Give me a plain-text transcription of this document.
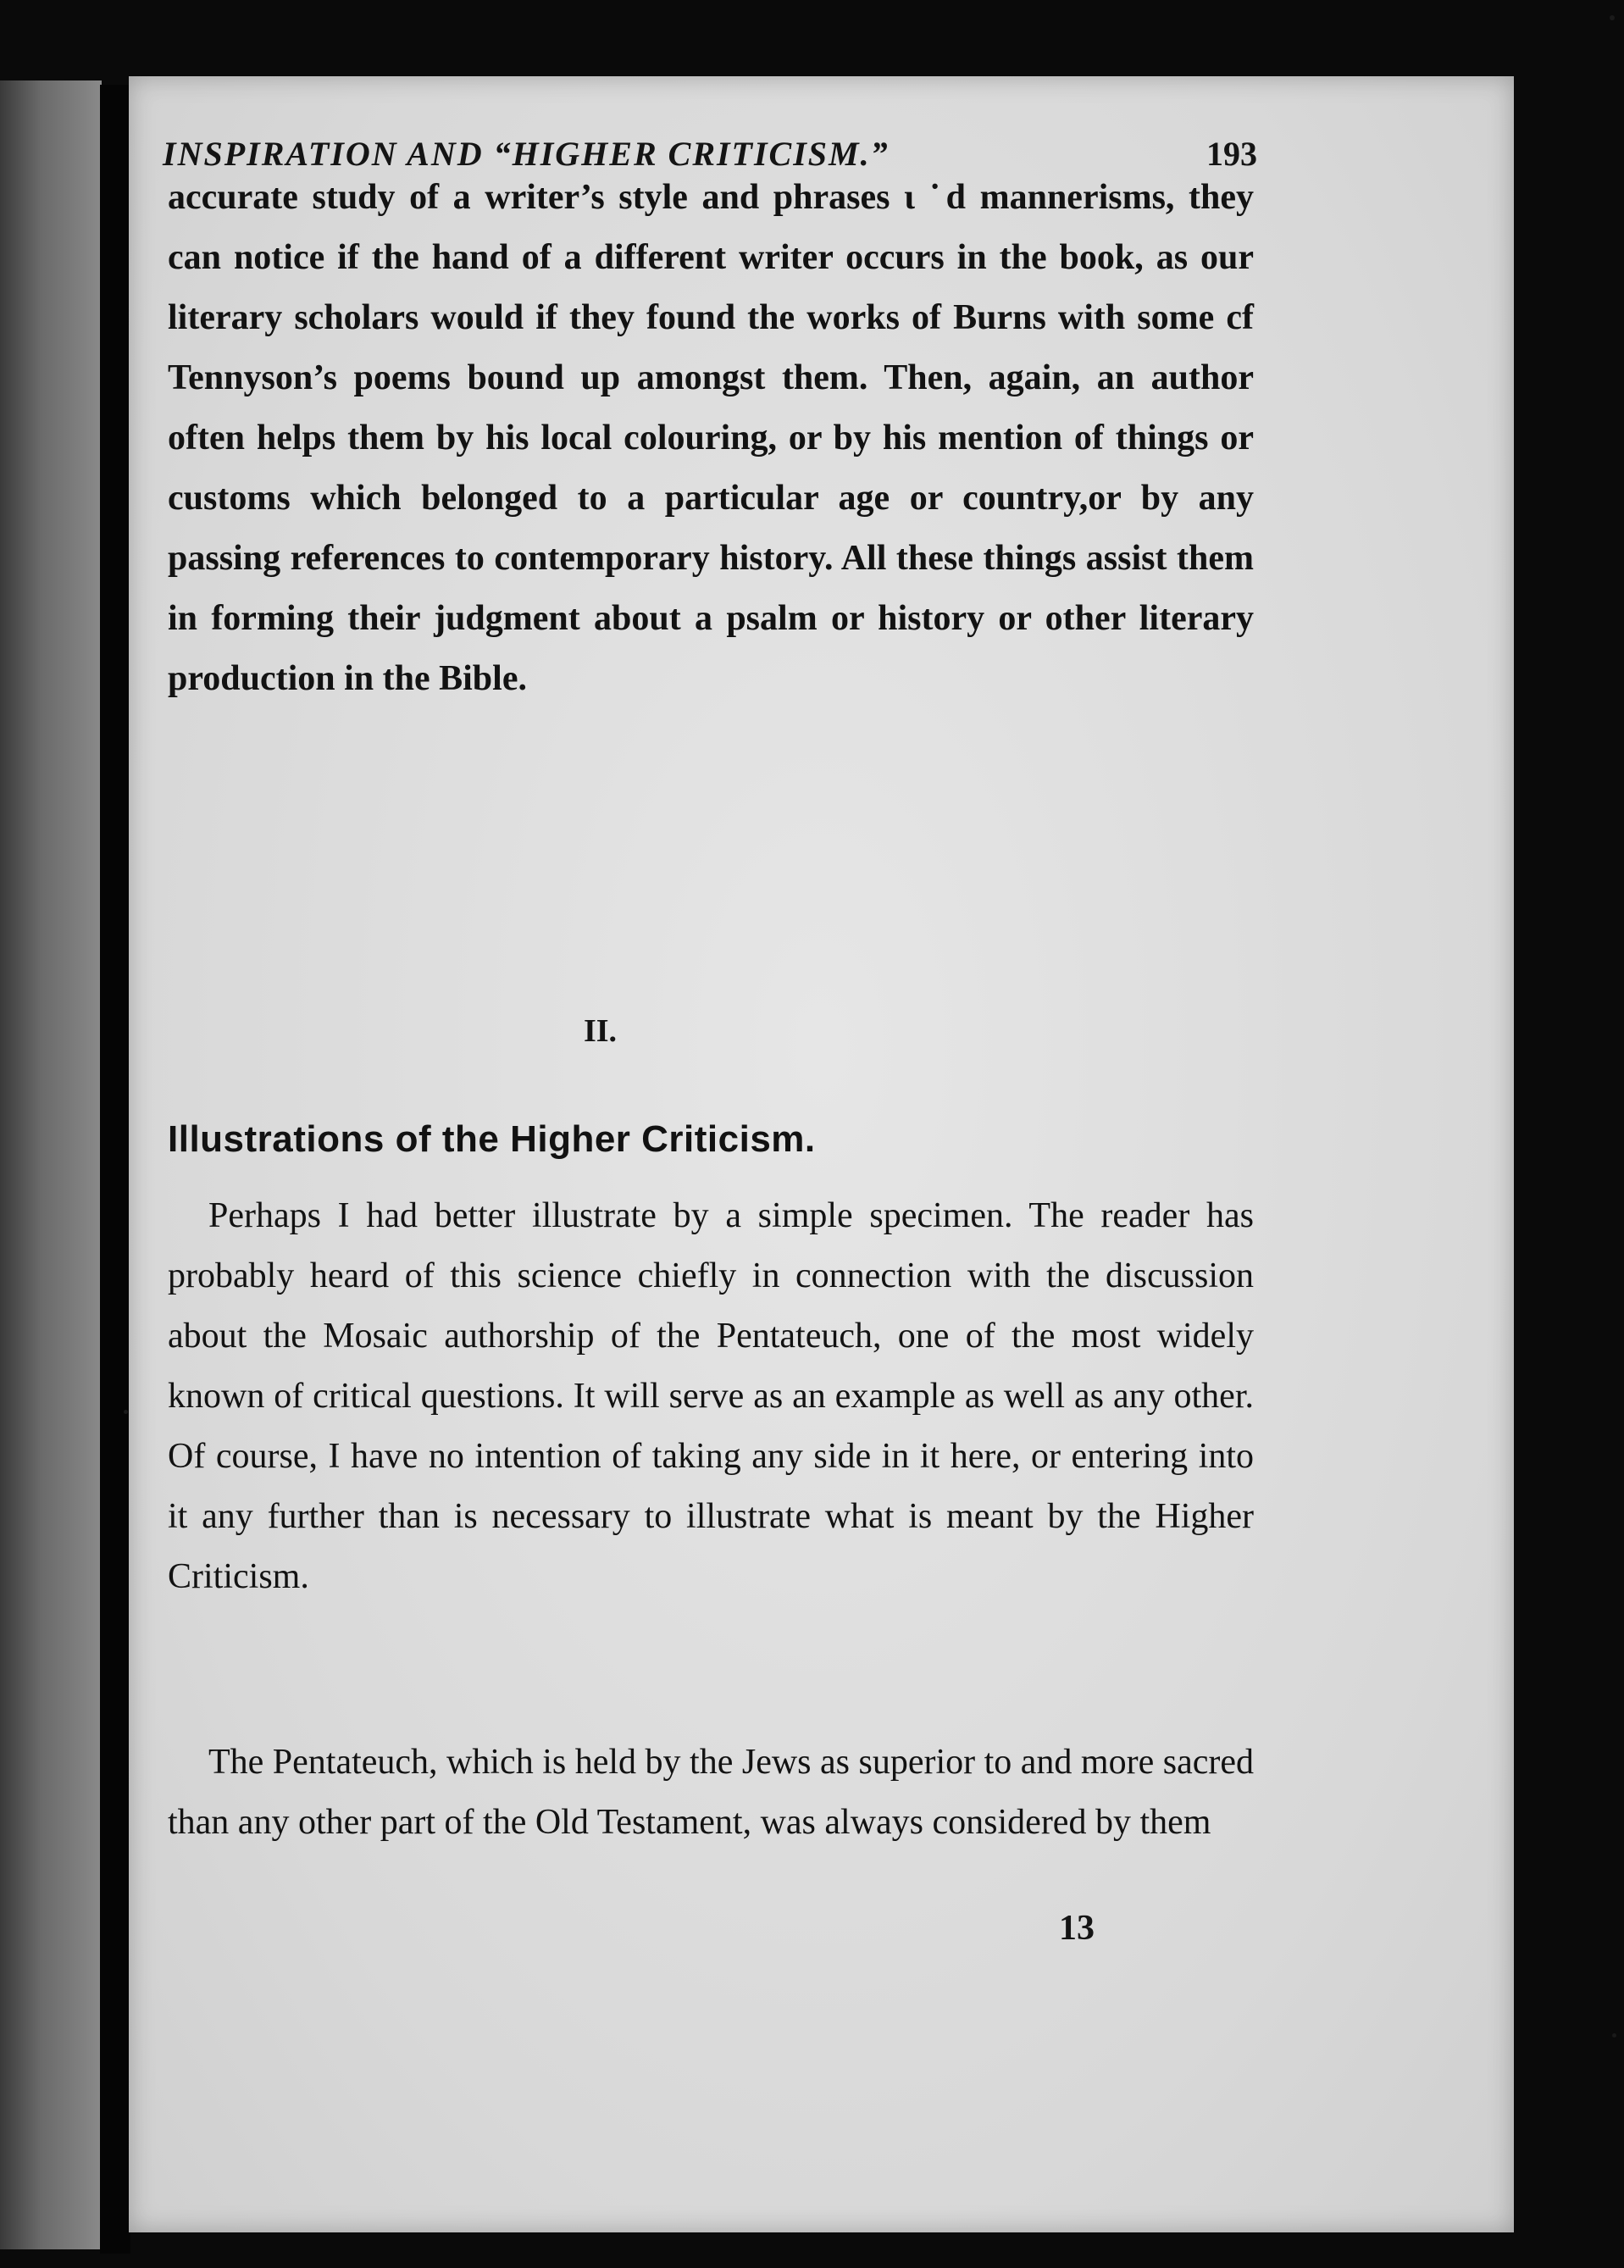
INSPIRATION AND “HIGHER CRITICISM.”	193

accurate study of a writer’s style and phrases ι ˙d mannerisms, they can notice if the hand of a different writer occurs in the book, as our literary scholars would if they found the works of Burns with some cf Tennyson’s poems bound up amongst them. Then, again, an author often helps them by his local colouring, or by his mention of things or customs which belonged to a particular age or country,or by any passing references to contemporary history. All these things assist them in forming their judgment about a psalm or history or other literary production in the Bible.

II.
Illustrations of the Higher Criticism.

Perhaps I had better illustrate by a simple specimen. The reader has probably heard of this science chiefly in connection with the discussion about the Mosaic authorship of the Pentateuch, one of the most widely known of critical questions. It will serve as an example as well as any other. Of course, I have no intention of taking any side in it here, or entering into it any further than is necessary to illustrate what is meant by the Higher Criticism.

The Pentateuch, which is held by the Jews as superior to and more sacred than any other part of the Old Testament, was always considered by them

13
